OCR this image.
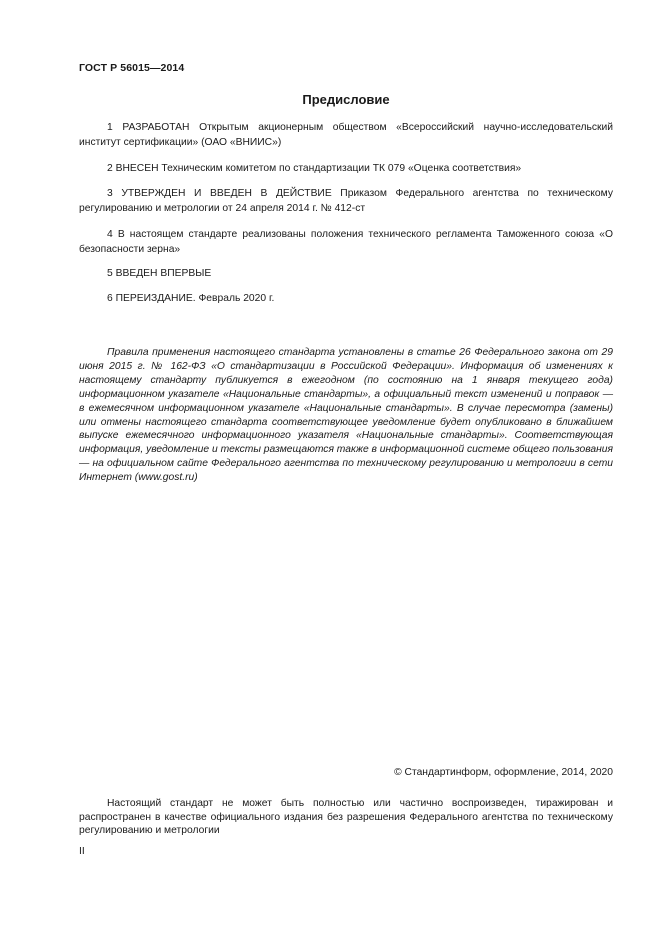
ГОСТ Р 56015—2014
Предисловие
1 РАЗРАБОТАН Открытым акционерным обществом «Всероссийский научно-исследовательский институт сертификации» (ОАО «ВНИИС»)
2 ВНЕСЕН Техническим комитетом по стандартизации ТК 079 «Оценка соответствия»
3 УТВЕРЖДЕН И ВВЕДЕН В ДЕЙСТВИЕ Приказом Федерального агентства по техническому регулированию и метрологии от 24 апреля 2014 г. № 412-ст
4 В настоящем стандарте реализованы положения технического регламента Таможенного союза «О безопасности зерна»
5 ВВЕДЕН ВПЕРВЫЕ
6 ПЕРЕИЗДАНИЕ. Февраль 2020 г.
Правила применения настоящего стандарта установлены в статье 26 Федерального закона от 29 июня 2015 г. № 162-ФЗ «О стандартизации в Российской Федерации». Информация об изменениях к настоящему стандарту публикуется в ежегодном (по состоянию на 1 января текущего года) информационном указателе «Национальные стандарты», а официальный текст изменений и поправок — в ежемесячном информационном указателе «Национальные стандарты». В случае пересмотра (замены) или отмены настоящего стандарта соответствующее уведомление будет опубликовано в ближайшем выпуске ежемесячного информационного указателя «Национальные стандарты». Соответствующая информация, уведомление и тексты размещаются также в информационной системе общего пользования — на официальном сайте Федерального агентства по техническому регулированию и метрологии в сети Интернет (www.gost.ru)
© Стандартинформ, оформление, 2014, 2020
Настоящий стандарт не может быть полностью или частично воспроизведен, тиражирован и распространен в качестве официального издания без разрешения Федерального агентства по техническому регулированию и метрологии
II
